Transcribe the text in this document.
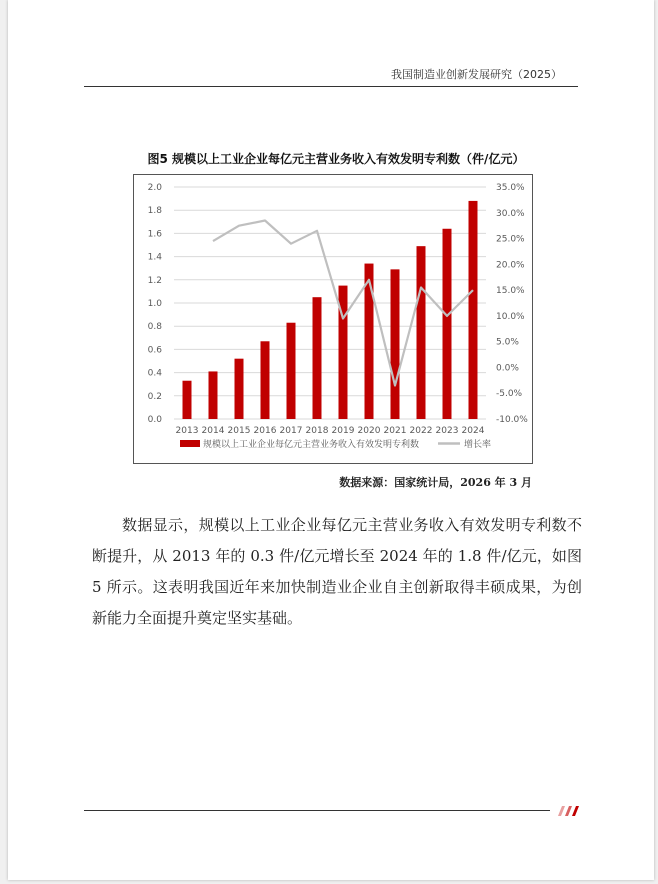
我国制造业创新发展研究（2025）
图5 规模以上工业企业每亿元主营业务收入有效发明专利数（件/亿元）
0.0
0.2
0.4
0.6
0.8
1.0
1.2
1.4
1.6
1.8
2.0
-10.0%
-5.0%
0.0%
5.0%
10.0%
15.0%
20.0%
25.0%
30.0%
35.0%
2013 2014 2015 2016 2017 2018 2019 2020 2021 2022 2023 2024
规模以上工业企业每亿元主营业务收入有效发明专利数	增长率
数据来源：国家统计局，2026 年 3 月

数据显示，规模以上工业企业每亿元主营业务收入有效发明专利数不断提升，从 2013 年的 0.3 件/亿元增长至 2024 年的 1.8 件/亿元，如图 5 所示。这表明我国近年来加快制造业企业自主创新取得丰硕成果，为创新能力全面提升奠定坚实基础。
